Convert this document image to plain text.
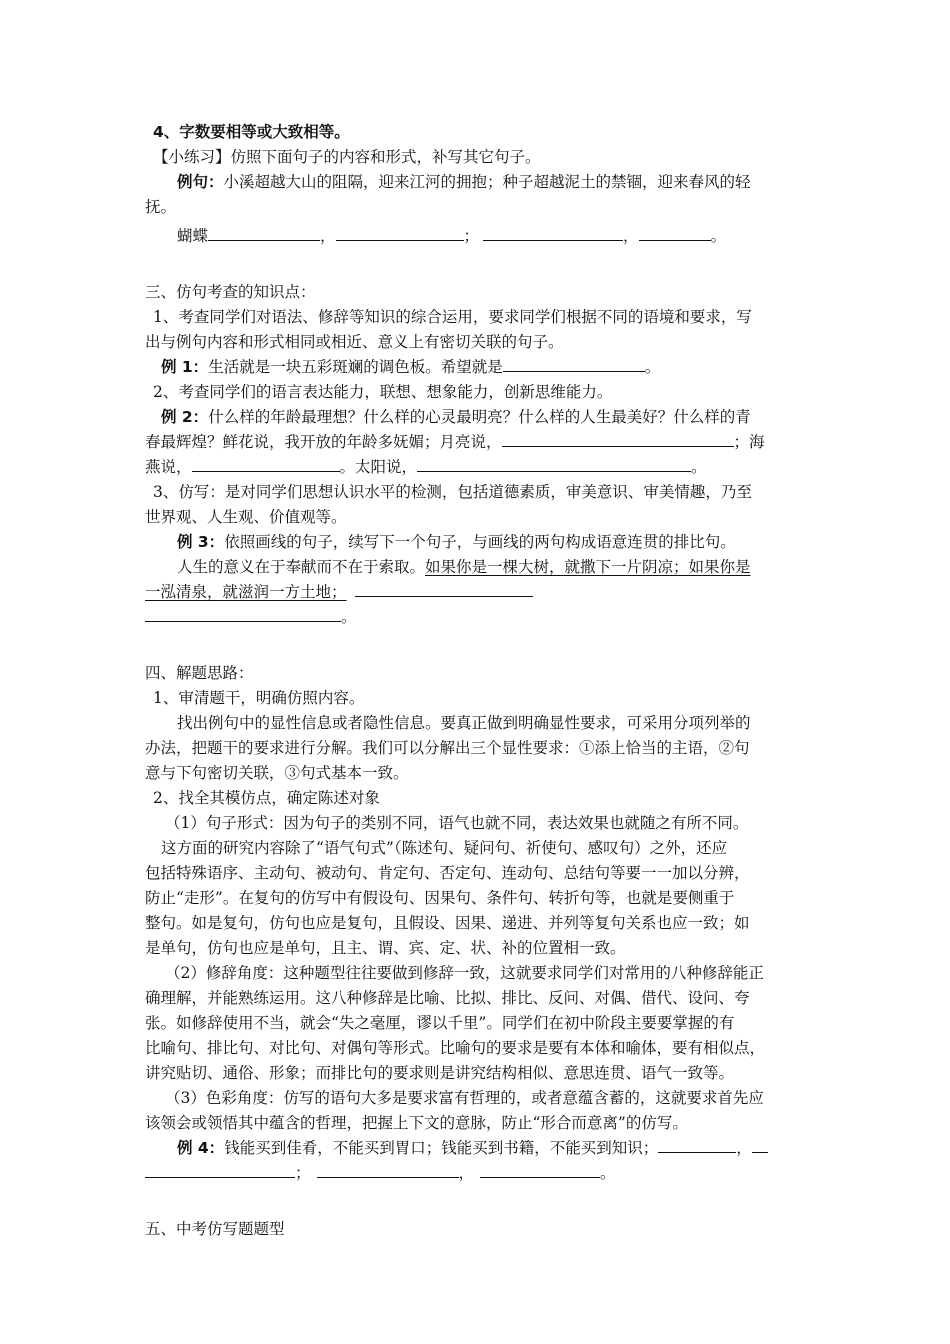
4、字数要相等或大致相等。

【小练习】仿照下面句子的内容和形式，补写其它句子。

例句：小溪超越大山的阻隔，迎来江河的拥抱；种子超越泥土的禁锢，迎来春风的轻

抚。

蝴蝶	，	；	，	。

三、仿句考查的知识点：

1、考查同学们对语法、修辞等知识的综合运用，要求同学们根据不同的语境和要求，写

出与例句内容和形式相同或相近、意义上有密切关联的句子。

例 1：生活就是一块五彩斑斓的调色板。希望就是	。

2、考查同学们的语言表达能力，联想、想象能力，创新思维能力。

例 2：什么样的年龄最理想？什么样的心灵最明亮？什么样的人生最美好？什么样的青

春最辉煌？鲜花说，我开放的年龄多妩媚；月亮说，	；海

燕说，	。太阳说，	。

3、仿写：是对同学们思想认识水平的检测，包括道德素质，审美意识、审美情趣，乃至

世界观、人生观、价值观等。

例 3：依照画线的句子，续写下一个句子，与画线的两句构成语意连贯的排比句。

人生的意义在于奉献而不在于索取。如果你是一棵大树，就撒下一片阴凉；如果你是

一泓清泉，就滋润一方土地；

。

四、解题思路：

1、审清题干，明确仿照内容。

找出例句中的显性信息或者隐性信息。要真正做到明确显性要求，可采用分项列举的

办法，把题干的要求进行分解。我们可以分解出三个显性要求：①添上恰当的主语，②句

意与下句密切关联，③句式基本一致。

2、找全其模仿点，确定陈述对象

（1）句子形式：因为句子的类别不同，语气也就不同，表达效果也就随之有所不同。

这方面的研究内容除了“语气句式”（陈述句、疑问句、祈使句、感叹句）之外，还应

包括特殊语序、主动句、被动句、肯定句、否定句、连动句、总结句等要一一加以分辨，

防止“走形”。在复句的仿写中有假设句、因果句、条件句、转折句等，也就是要侧重于

整句。如是复句，仿句也应是复句，且假设、因果、递进、并列等复句关系也应一致；如

是单句，仿句也应是单句，且主、谓、宾、定、状、补的位置相一致。

（2）修辞角度：这种题型往往要做到修辞一致，这就要求同学们对常用的八种修辞能正

确理解，并能熟练运用。这八种修辞是比喻、比拟、排比、反问、对偶、借代、设问、夸

张。如修辞使用不当，就会“失之毫厘，谬以千里”。同学们在初中阶段主要要掌握的有

比喻句、排比句、对比句、对偶句等形式。比喻句的要求是要有本体和喻体，要有相似点，

讲究贴切、通俗、形象；而排比句的要求则是讲究结构相似、意思连贯、语气一致等。

（3）色彩角度：仿写的语句大多是要求富有哲理的，或者意蕴含蓄的，这就要求首先应

该领会或领悟其中蕴含的哲理，把握上下文的意脉，防止“形合而意离”的仿写。

例 4：钱能买到佳肴，不能买到胃口；钱能买到书籍，不能买到知识；	，

；	，	。

五、中考仿写题题型
